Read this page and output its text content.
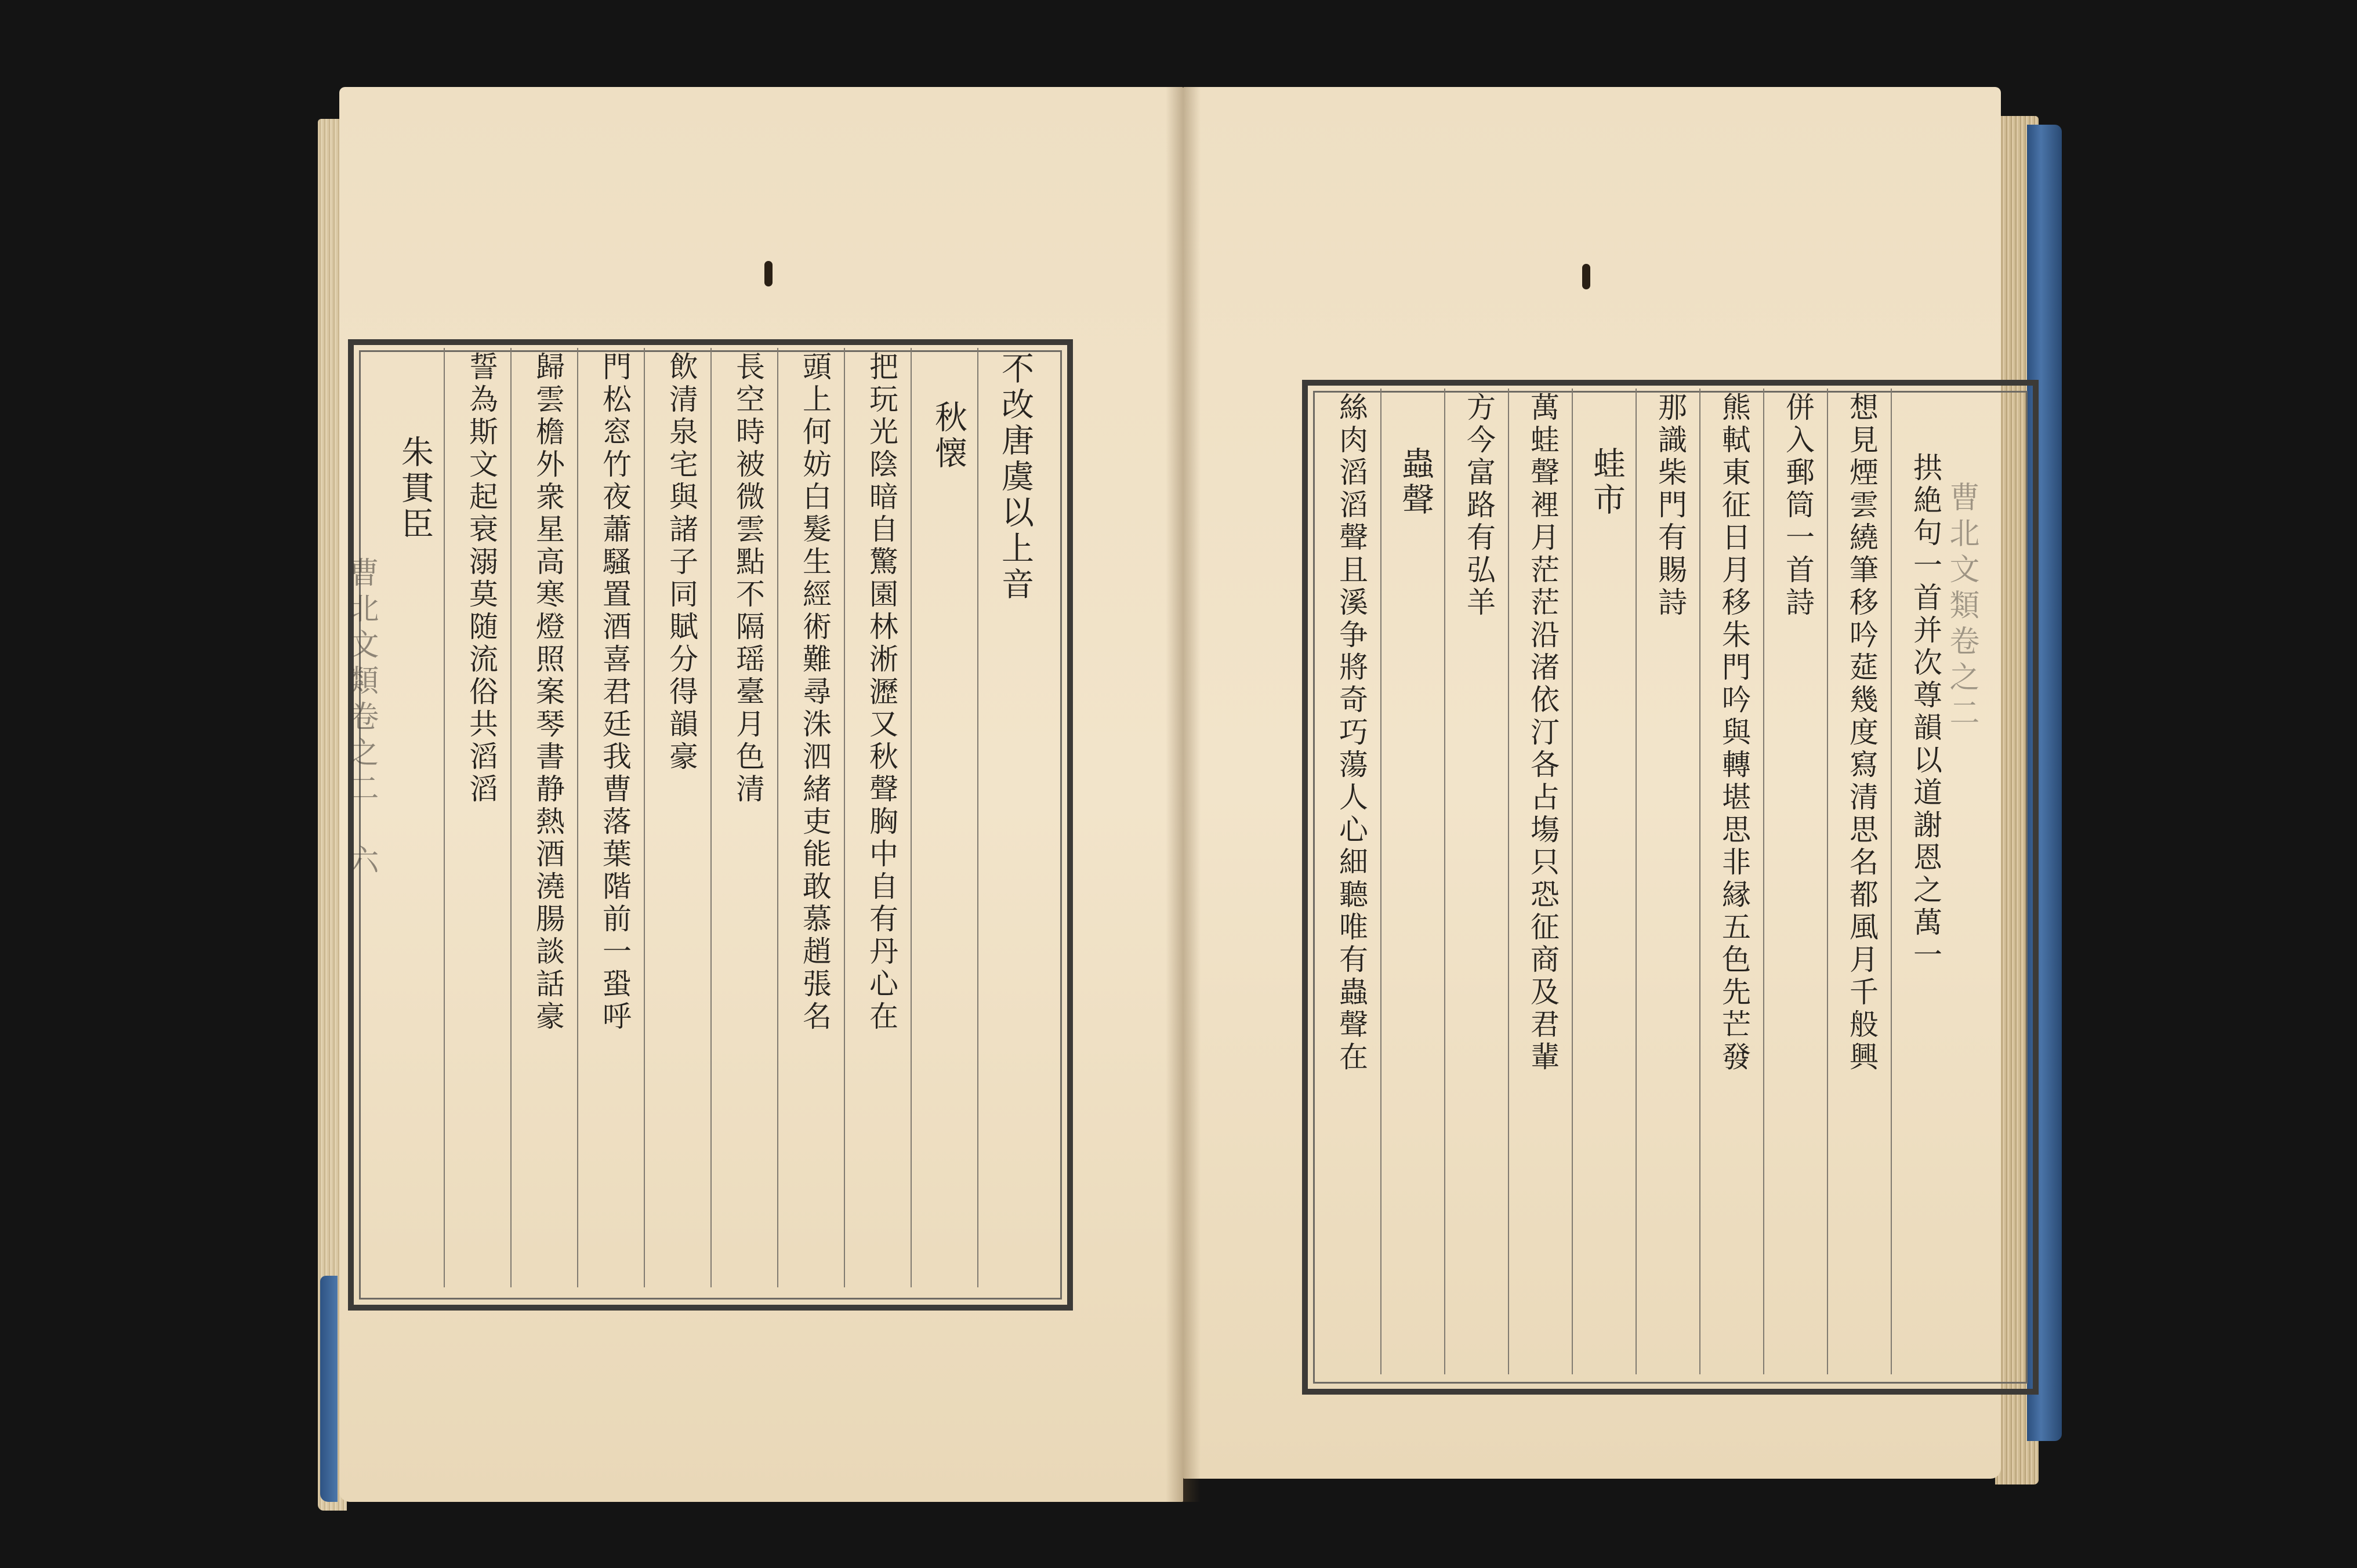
曹北文類卷之二　六
不改唐虞以上音
秋懐
把玩光陰暗自驚園林淅瀝又秋聲胸中自有丹心在
頭上何妨白髮生經術難尋洙泗緒吏能敢慕趙張名
長空時被微雲點不隔瑶臺月色清
飲清泉宅與諸子同賦分得韻豪
門松窓竹夜蕭騷置酒喜君廷我曹落葉階前一蛩呼
歸雲檐外衆星高寒燈照案琴書静熱酒澆腸談話豪
誓為斯文起衰溺莫随流俗共滔滔
朱貫臣	曹北文類卷之二
拱絶句一首并次尊韻以道謝恩之萬一
想見煙雲繞筆移吟莚幾度寫清思名都風月千般興
併入郵筒一首詩
熊軾東征日月移朱門吟與轉堪思非縁五色先芒發
那識柴門有賜詩
蛙市
萬蛙聲裡月茫茫沿渚依汀各占塲只恐征商及君輩
方今富路有弘羊
蟲聲
絲肉滔滔聲且溪争將奇巧蕩人心細聽唯有蟲聲在
